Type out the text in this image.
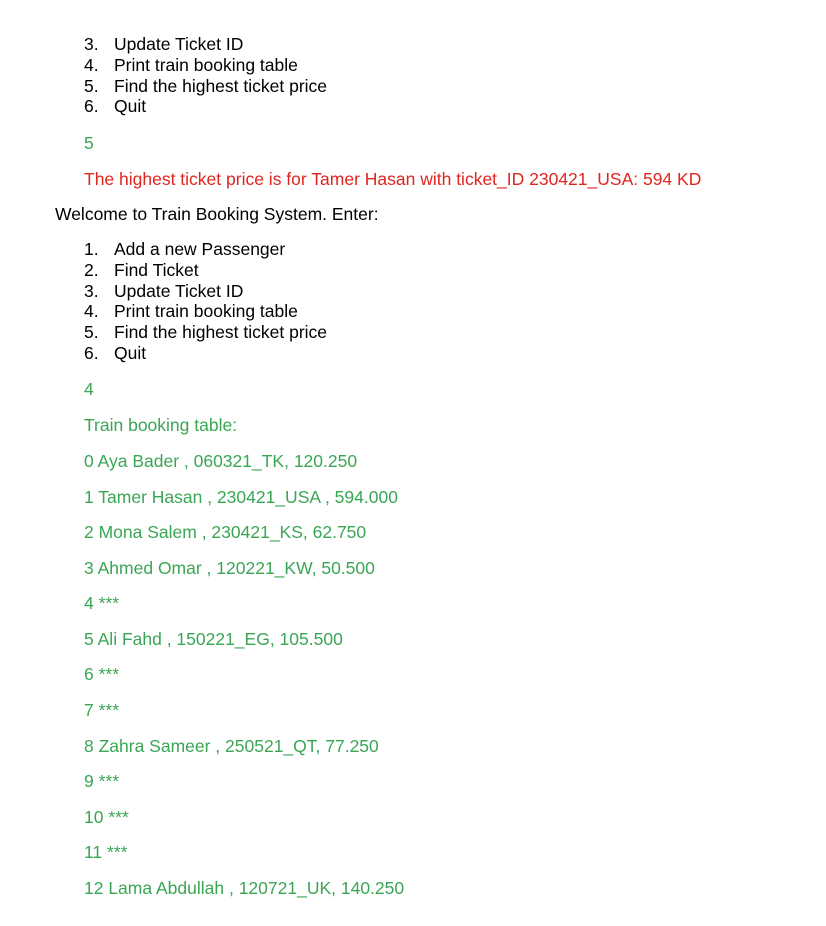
3. Update Ticket ID
4. Print train booking table
5. Find the highest ticket price
6. Quit
5
The highest ticket price is for Tamer Hasan with ticket_ID 230421_USA: 594 KD
Welcome to Train Booking System. Enter:
1. Add a new Passenger
2. Find Ticket
3. Update Ticket ID
4. Print train booking table
5. Find the highest ticket price
6. Quit
4
Train booking table:
0 Aya Bader , 060321_TK, 120.250
1 Tamer Hasan , 230421_USA , 594.000
2 Mona Salem , 230421_KS, 62.750
3 Ahmed Omar , 120221_KW, 50.500
4 ***
5 Ali Fahd , 150221_EG, 105.500
6 ***
7 ***
8 Zahra Sameer , 250521_QT, 77.250
9 ***
10 ***
11 ***
12 Lama Abdullah , 120721_UK, 140.250
